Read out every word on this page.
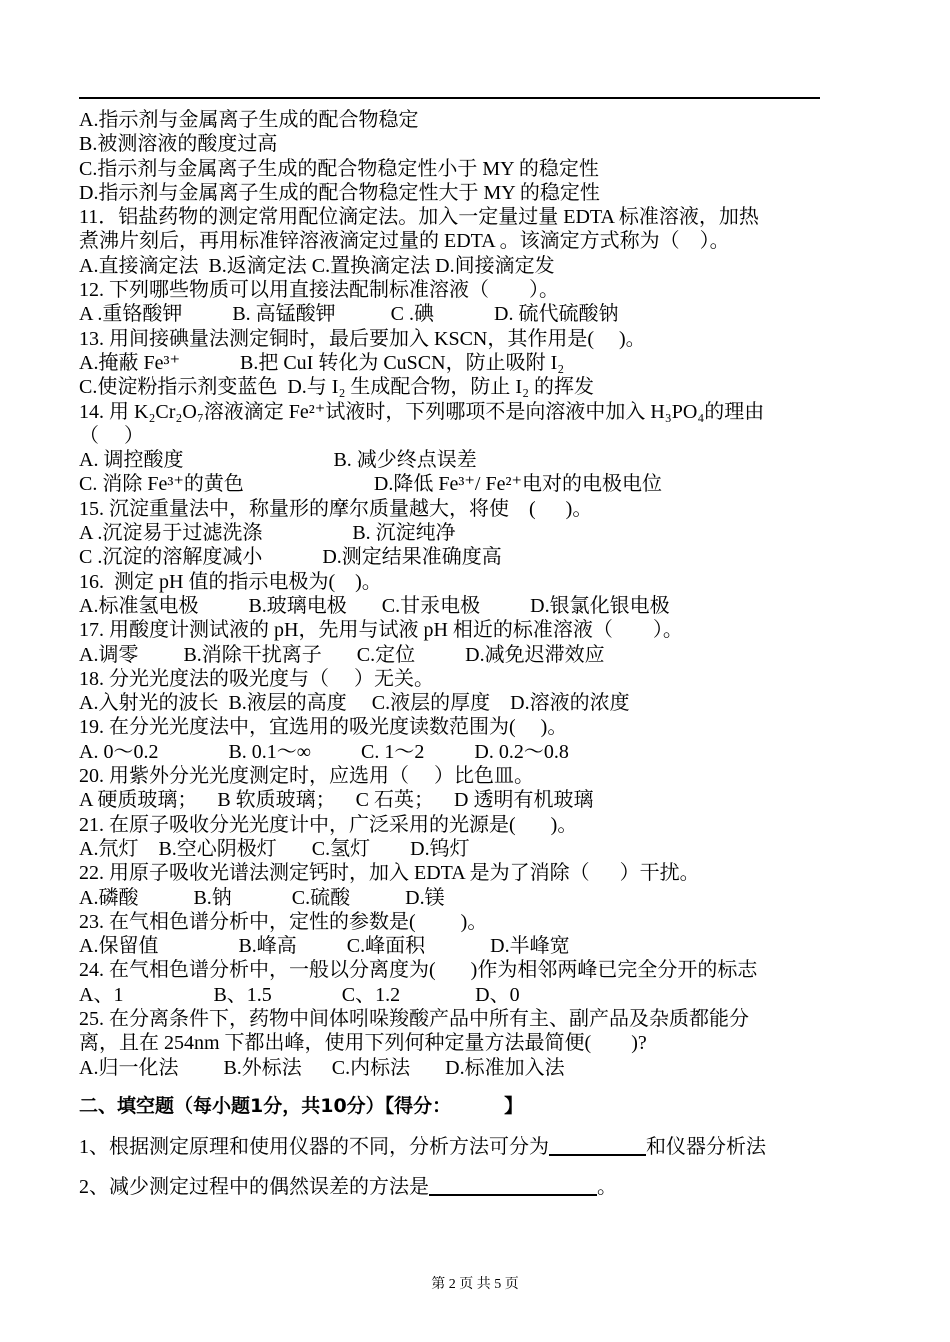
A.指示剂与金属离子生成的配合物稳定
B.被测溶液的酸度过高
C.指示剂与金属离子生成的配合物稳定性小于 MY 的稳定性
D.指示剂与金属离子生成的配合物稳定性大于 MY 的稳定性
11．铝盐药物的测定常用配位滴定法。加入一定量过量 EDTA 标准溶液，加热
煮沸片刻后，再用标准锌溶液滴定过量的 EDTA 。该滴定方式称为（    ）。
A.直接滴定法  B.返滴定法 C.置换滴定法 D.间接滴定发
12. 下列哪些物质可以用直接法配制标准溶液（        ）。
A .重铬酸钾          B. 高锰酸钾           C .碘            D. 硫代硫酸钠
13. 用间接碘量法测定铜时，最后要加入 KSCN，其作用是(     )。
A.掩蔽 Fe³⁺            B.把 CuI 转化为 CuSCN，防止吸附 I₂
C.使淀粉指示剂变蓝色  D.与 I₂ 生成配合物，防止 I₂ 的挥发
14. 用 K₂Cr₂O₇溶液滴定 Fe²⁺试液时，下列哪项不是向溶液中加入 H₃PO₄的理由
（     ）
A. 调控酸度                              B. 减少终点误差
C. 消除 Fe³⁺的黄色                          D.降低 Fe³⁺/ Fe²⁺电对的电极电位
15. 沉淀重量法中，称量形的摩尔质量越大，将使    (      )。
A .沉淀易于过滤洗涤                  B. 沉淀纯净
C .沉淀的溶解度减小            D.测定结果准确度高
16.  测定 pH 值的指示电极为(    )。
A.标准氢电极          B.玻璃电极       C.甘汞电极          D.银氯化银电极
17. 用酸度计测试液的 pH，先用与试液 pH 相近的标准溶液（        ）。
A.调零         B.消除干扰离子       C.定位          D.减免迟滞效应
18. 分光光度法的吸光度与（     ）无关。
A.入射光的波长  B.液层的高度     C.液层的厚度    D.溶液的浓度
19. 在分光光度法中，宜选用的吸光度读数范围为(     )。
A. 0～0.2              B. 0.1～∞          C. 1～2          D. 0.2～0.8
20. 用紫外分光光度测定时，应选用（     ）比色皿。
A 硬质玻璃；    B 软质玻璃；    C 石英；    D 透明有机玻璃
21. 在原子吸收分光光度计中，广泛采用的光源是(       )。
A.氘灯    B.空心阴极灯       C.氢灯        D.钨灯
22. 用原子吸收光谱法测定钙时，加入 EDTA 是为了消除（      ）干扰。
A.磷酸           B.钠            C.硫酸           D.镁
23. 在气相色谱分析中，定性的参数是(         )。
A.保留值                B.峰高          C.峰面积             D.半峰宽
24. 在气相色谱分析中，一般以分离度为(       )作为相邻两峰已完全分开的标志
A、1                  B、1.5              C、1.2               D、0
25. 在分离条件下，药物中间体吲哚羧酸产品中所有主、副产品及杂质都能分
离，且在 254nm 下都出峰，使用下列何种定量方法最简便(        )?
A.归一化法         B.外标法      C.内标法       D.标准加入法
二、填空题（每小题1分，共10分）【得分：        】
1、根据测定原理和使用仪器的不同，分析方法可分为	和仪器分析法
2、减少测定过程中的偶然误差的方法是	。
第 2 页 共 5 页
